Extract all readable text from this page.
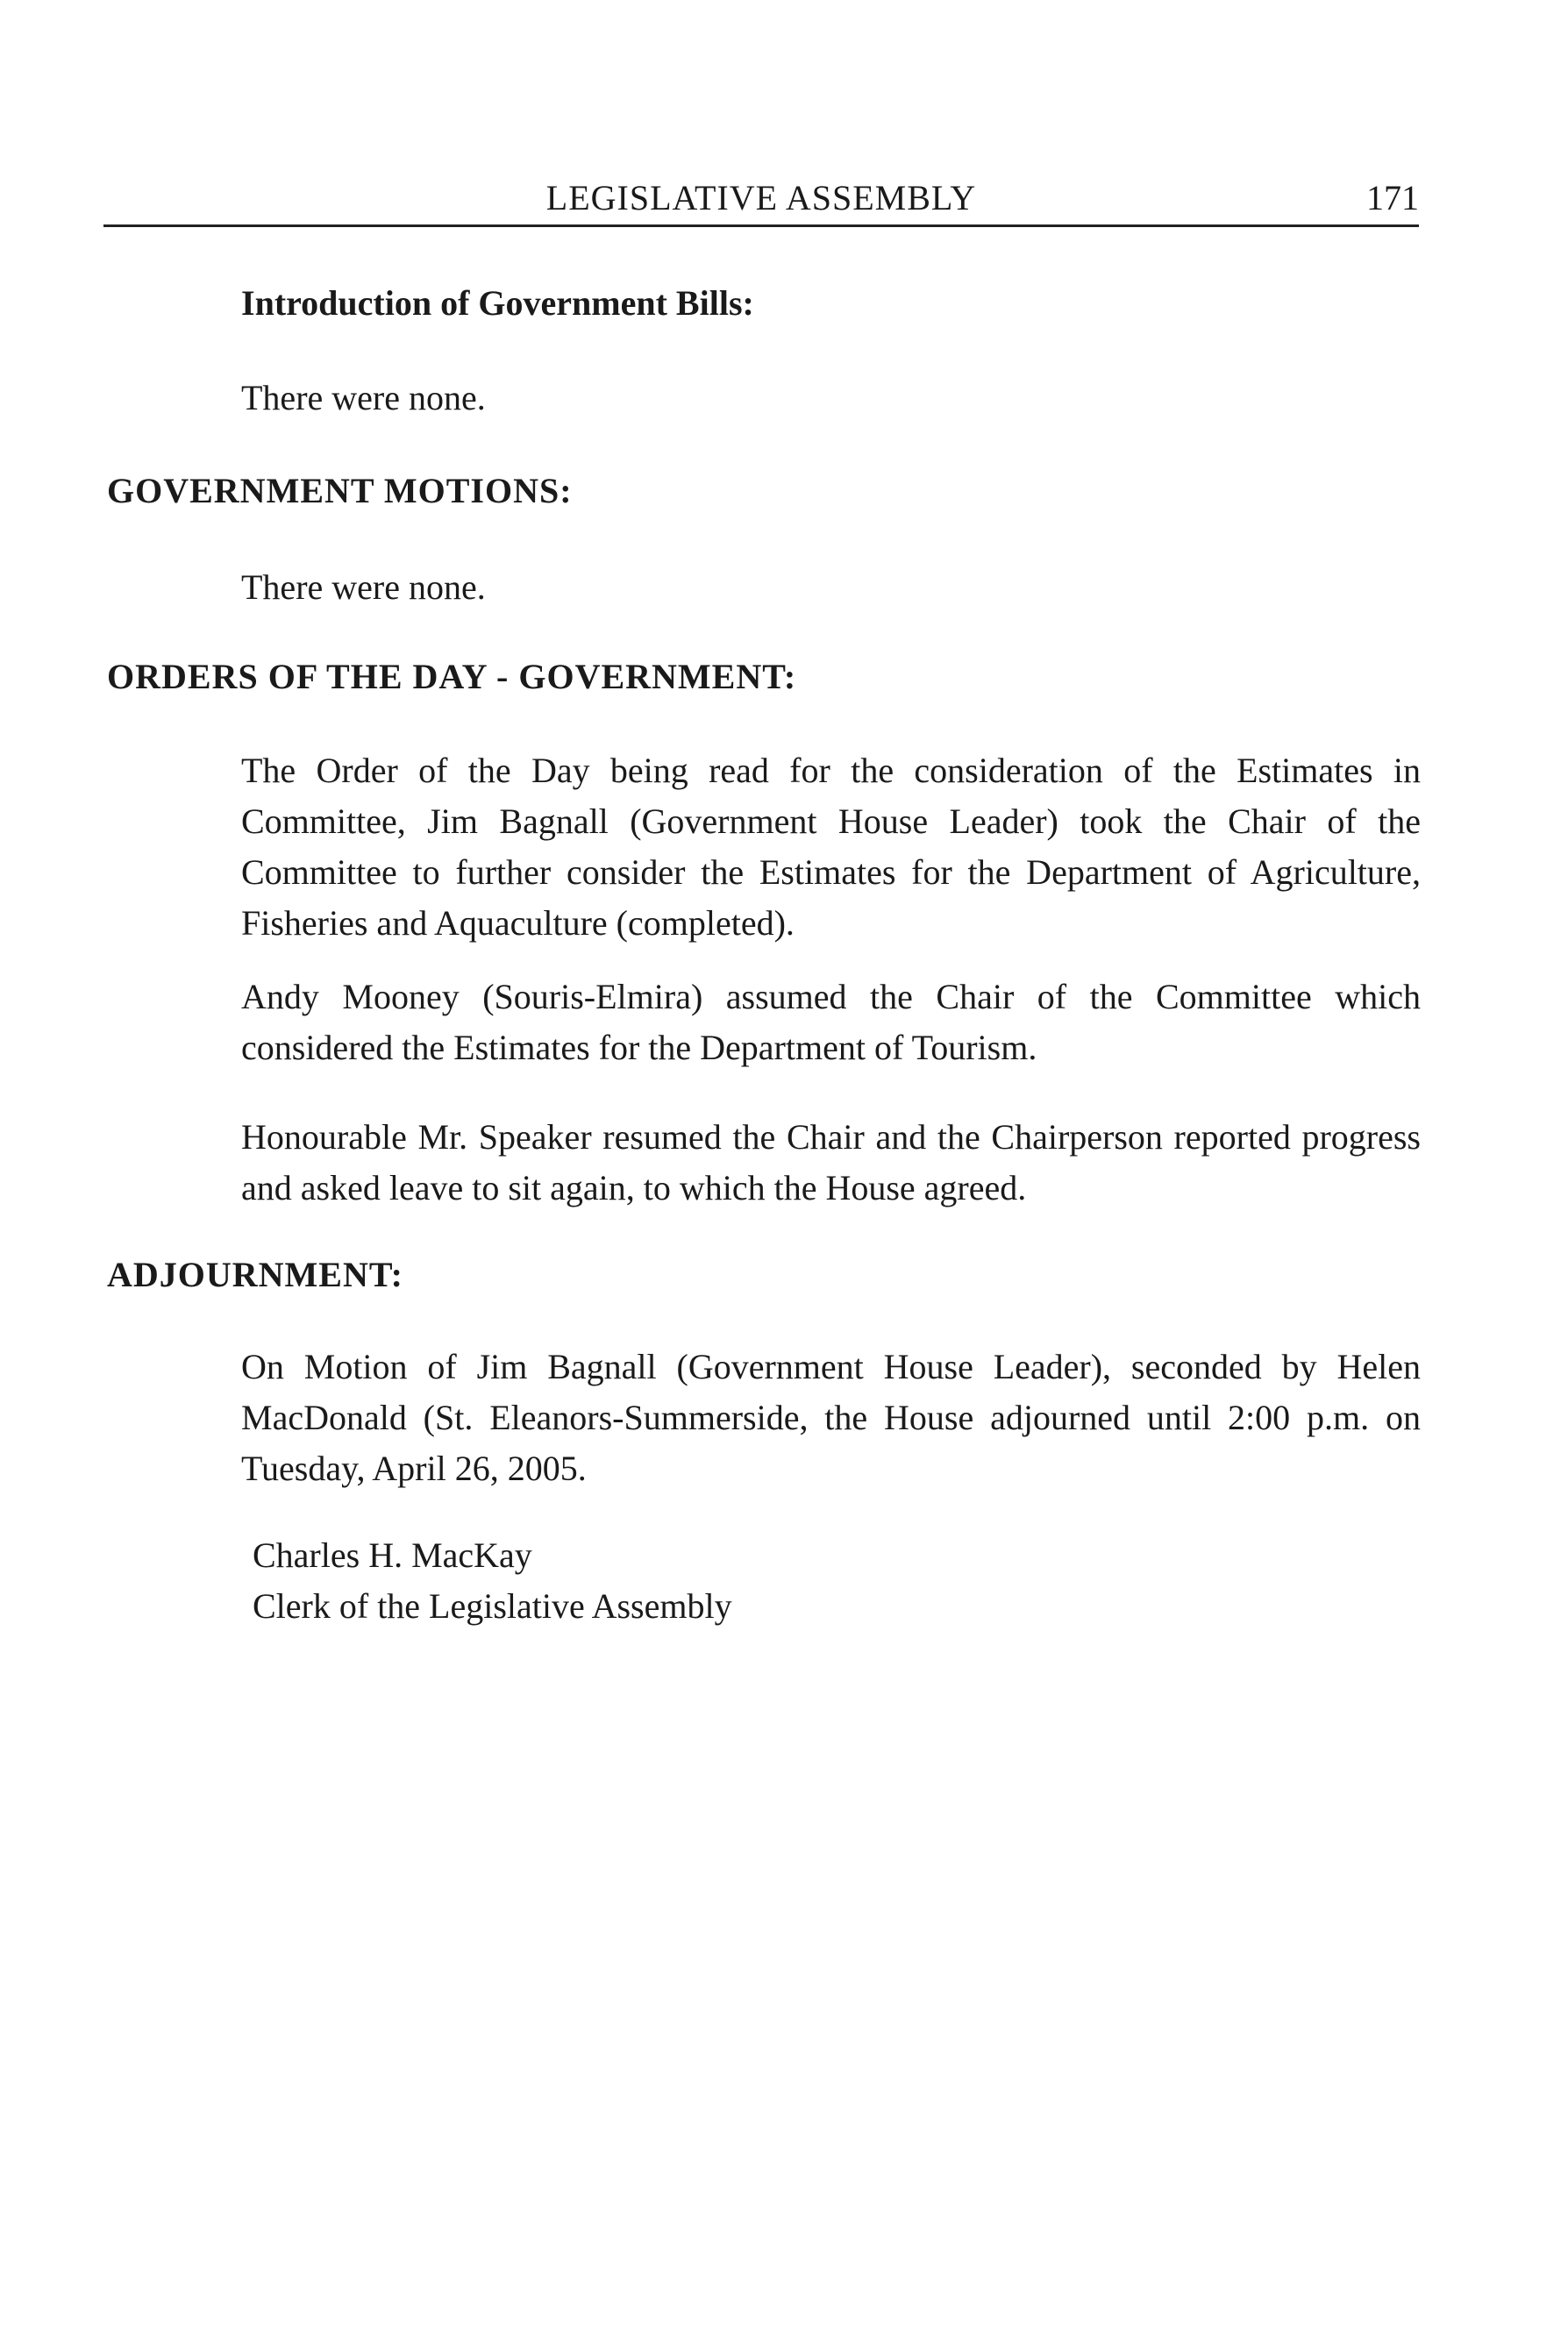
LEGISLATIVE ASSEMBLY	171
Introduction of Government Bills:
There were none.
GOVERNMENT MOTIONS:
There were none.
ORDERS OF THE DAY - GOVERNMENT:

The Order of the Day being read for the consideration of the Estimates in Committee, Jim Bagnall (Government House Leader) took the Chair of the Committee to further consider the Estimates for the Department of Agriculture, Fisheries and Aquaculture (completed).

Andy Mooney (Souris-Elmira) assumed the Chair of the Committee which considered the Estimates for the Department of Tourism.

Honourable Mr. Speaker resumed the Chair and the Chairperson reported progress and asked leave to sit again, to which the House agreed.

ADJOURNMENT:

On Motion of Jim Bagnall (Government House Leader), seconded by Helen MacDonald (St. Eleanors-Summerside, the House adjourned until 2:00 p.m. on Tuesday, April 26, 2005.

Charles H. MacKay
Clerk of the Legislative Assembly
